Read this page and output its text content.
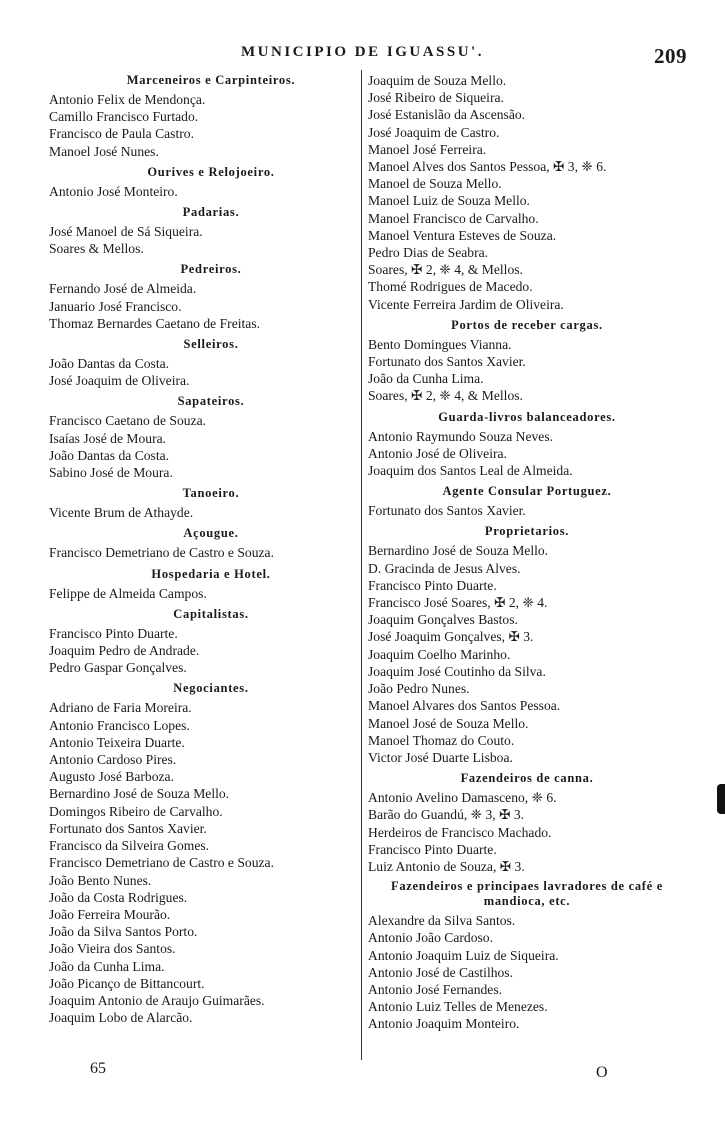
MUNICIPIO DE IGUASSU'.	209
Marceneiros e Carpinteiros.
Antonio Felix de Mendonça.
Camillo Francisco Furtado.
Francisco de Paula Castro.
Manoel José Nunes.
Ourives e Relojoeiro.
Antonio José Monteiro.
Padarias.
José Manoel de Sá Siqueira.
Soares & Mellos.
Pedreiros.
Fernando José de Almeida.
Januario José Francisco.
Thomaz Bernardes Caetano de Freitas.
Selleiros.
João Dantas da Costa.
José Joaquim de Oliveira.
Sapateiros.
Francisco Caetano de Souza.
Isaías José de Moura.
João Dantas da Costa.
Sabino José de Moura.
Tanoeiro.
Vicente Brum de Athayde.
Açougue.
Francisco Demetriano de Castro e Souza.
Hospedaria e Hotel.
Felippe de Almeida Campos.
Capitalistas.
Francisco Pinto Duarte.
Joaquim Pedro de Andrade.
Pedro Gaspar Gonçalves.
Negociantes.
Adriano de Faria Moreira.
Antonio Francisco Lopes.
Antonio Teixeira Duarte.
Antonio Cardoso Pires.
Augusto José Barboza.
Bernardino José de Souza Mello.
Domingos Ribeiro de Carvalho.
Fortunato dos Santos Xavier.
Francisco da Silveira Gomes.
Francisco Demetriano de Castro e Souza.
João Bento Nunes.
João da Costa Rodrigues.
João Ferreira Mourão.
João da Silva Santos Porto.
João Vieira dos Santos.
João da Cunha Lima.
João Picanço de Bittancourt.
Joaquim Antonio de Araujo Guimarães.
Joaquim Lobo de Alarcão.
Joaquim de Souza Mello.
José Ribeiro de Siqueira.
José Estanislão da Ascensão.
José Joaquim de Castro.
Manoel José Ferreira.
Manoel Alves dos Santos Pessoa, ✠ 3, ❈ 6.
Manoel de Souza Mello.
Manoel Luiz de Souza Mello.
Manoel Francisco de Carvalho.
Manoel Ventura Esteves de Souza.
Pedro Dias de Seabra.
Soares, ✠ 2, ❈ 4, & Mellos.
Thomé Rodrigues de Macedo.
Vicente Ferreira Jardim de Oliveira.
Portos de receber cargas.
Bento Domingues Vianna.
Fortunato dos Santos Xavier.
João da Cunha Lima.
Soares, ✠ 2, ❈ 4, & Mellos.
Guarda-livros balanceadores.
Antonio Raymundo Souza Neves.
Antonio José de Oliveira.
Joaquim dos Santos Leal de Almeida.
Agente Consular Portuguez.
Fortunato dos Santos Xavier.
Proprietarios.
Bernardino José de Souza Mello.
D. Gracinda de Jesus Alves.
Francisco Pinto Duarte.
Francisco José Soares, ✠ 2, ❈ 4.
Joaquim Gonçalves Bastos.
José Joaquim Gonçalves, ✠ 3.
Joaquim Coelho Marinho.
Joaquim José Coutinho da Silva.
João Pedro Nunes.
Manoel Alvares dos Santos Pessoa.
Manoel José de Souza Mello.
Manoel Thomaz do Couto.
Victor José Duarte Lisboa.
Fazendeiros de canna.
Antonio Avelino Damasceno, ❈ 6.
Barão do Guandú, ❈ 3, ✠ 3.
Herdeiros de Francisco Machado.
Francisco Pinto Duarte.
Luiz Antonio de Souza, ✠ 3.
Fazendeiros e principaes lavradores de café e mandioca, etc.
Alexandre da Silva Santos.
Antonio João Cardoso.
Antonio Joaquim Luiz de Siqueira.
Antonio José de Castilhos.
Antonio José Fernandes.
Antonio Luiz Telles de Menezes.
Antonio Joaquim Monteiro.
65	O
